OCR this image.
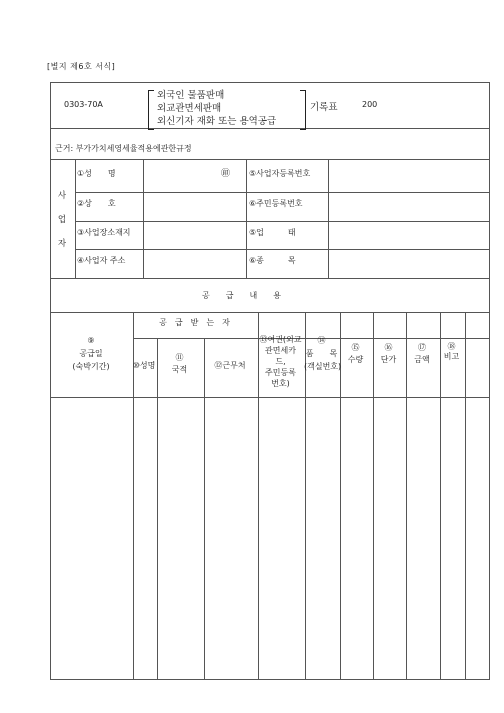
[별지 제6호 서식]
0303-70A
외국인 물품판매
외교관면세판매
외신기자 재화 또는 용역공급
기록표	200
근거: 부가가치세영세율적용에관한규정
사
업
자
①성　　명
②상　　호
③사업장소재지
④사업자 주소
㊞ ⑤사업자등록번호
⑥주민등록번호
⑤업　　　태
⑥종　　　목
공　　급　　내　　용
⑨
공급일
(숙박기간)
공　급　받　는　자
⑩성명
⑪
국적	⑫근무처
⑬여권(외교
관면세카
드,
주민등록
번호)
⑭
품　　목
(객실번호)
⑮
수량
⑯
단가
⑰
금액
⑱
비고
